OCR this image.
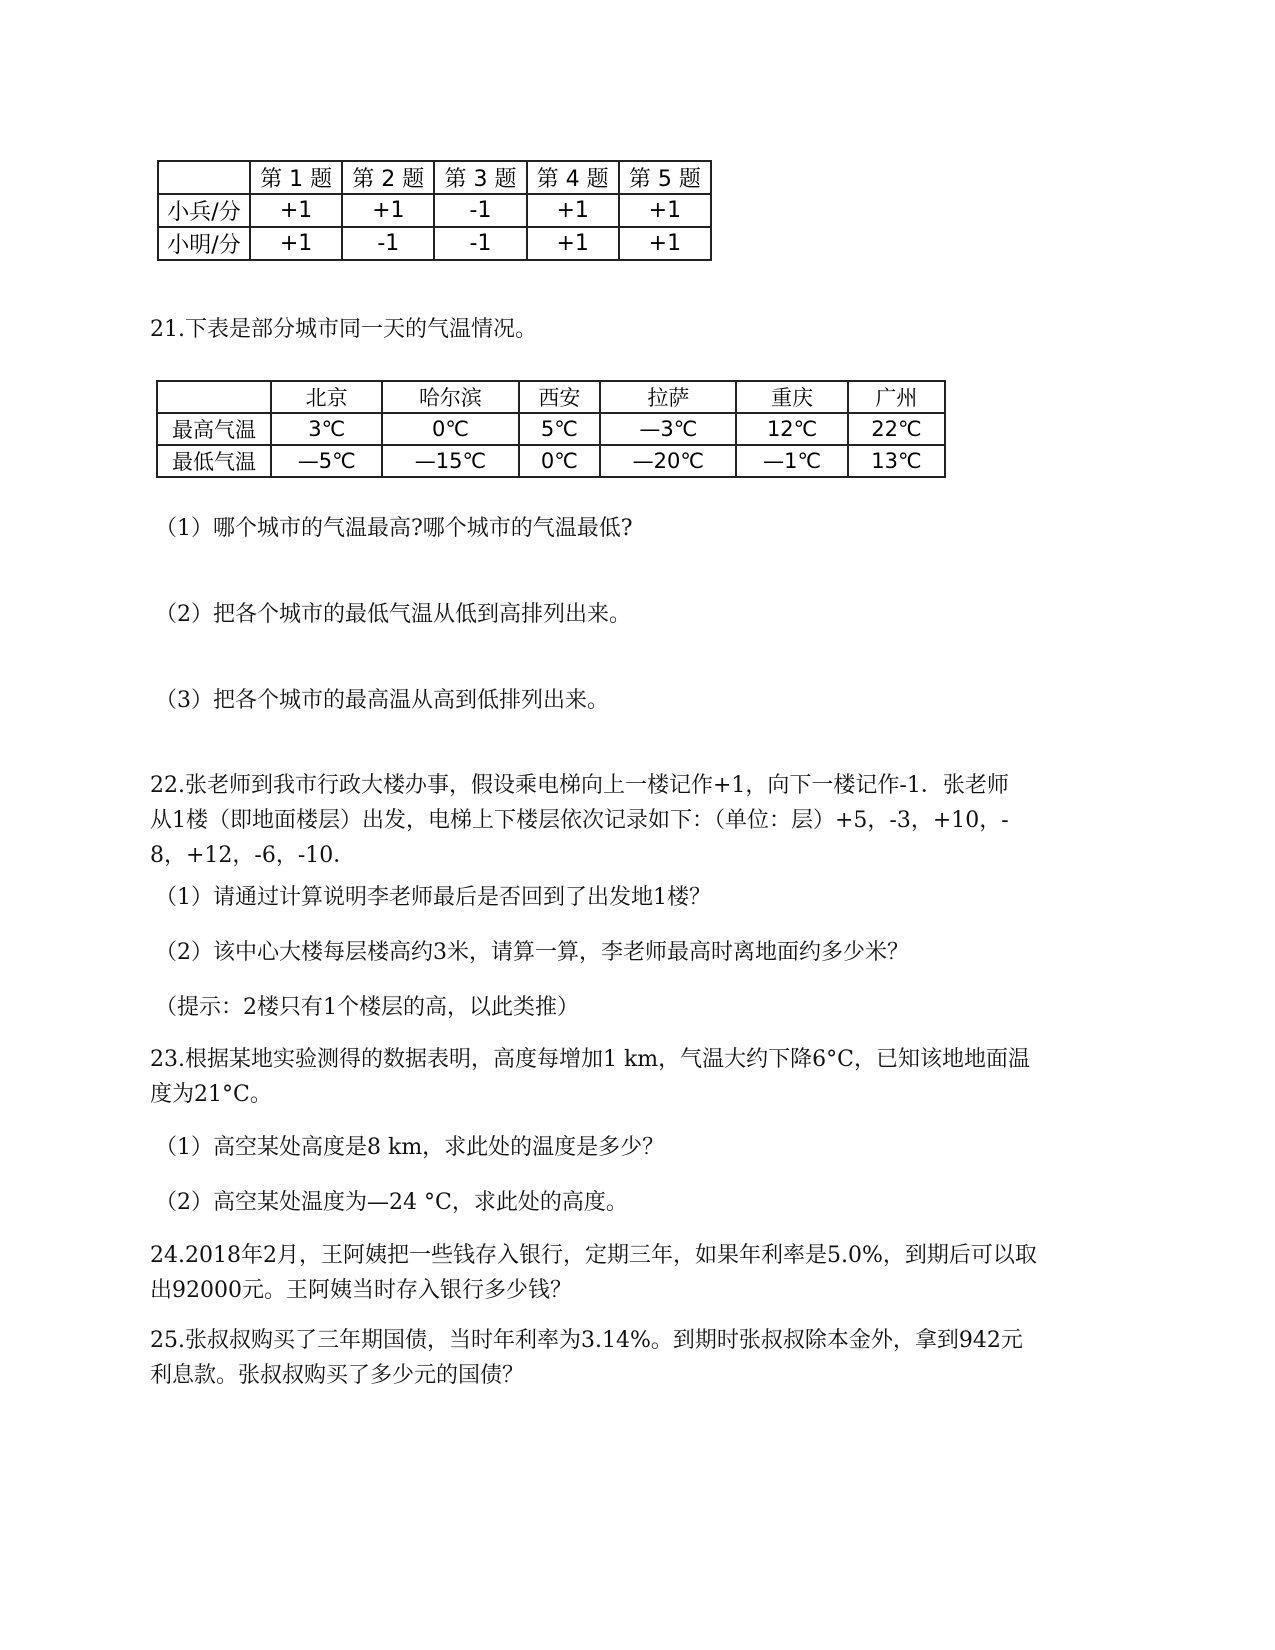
	第 1 题	第 2 题	第 3 题	第 4 题	第 5 题
小兵/分	+1	+1	-1	+1	+1
小明/分	+1	-1	-1	+1	+1
21.下表是部分城市同一天的气温情况。
	北京	哈尔滨	西安	拉萨	重庆	广州
最高气温	3℃	0℃	5℃	—3℃	12℃	22℃
最低气温	—5℃	—15℃	0℃	—20℃	—1℃	13℃
（1）哪个城市的气温最高?哪个城市的气温最低?
（2）把各个城市的最低气温从低到高排列出来。
（3）把各个城市的最高温从高到低排列出来。
22.张老师到我市行政大楼办事，假设乘电梯向上一楼记作+1，向下一楼记作-1．张老师
从1楼（即地面楼层）出发，电梯上下楼层依次记录如下：（单位：层）+5，-3，+10，-
8，+12，-6，-10．
（1）请通过计算说明李老师最后是否回到了出发地1楼？
（2）该中心大楼每层楼高约3米，请算一算，李老师最高时离地面约多少米？
（提示：2楼只有1个楼层的高，以此类推）
23.根据某地实验测得的数据表明，高度每增加1 km，气温大约下降6°C，已知该地地面温
度为21°C。
（1）高空某处高度是8 km，求此处的温度是多少？
（2）高空某处温度为—24 °C，求此处的高度。
24.2018年2月，王阿姨把一些钱存入银行，定期三年，如果年利率是5.0%，到期后可以取
出92000元。王阿姨当时存入银行多少钱？
25.张叔叔购买了三年期国债，当时年利率为3.14%。到期时张叔叔除本金外，拿到942元
利息款。张叔叔购买了多少元的国债？
